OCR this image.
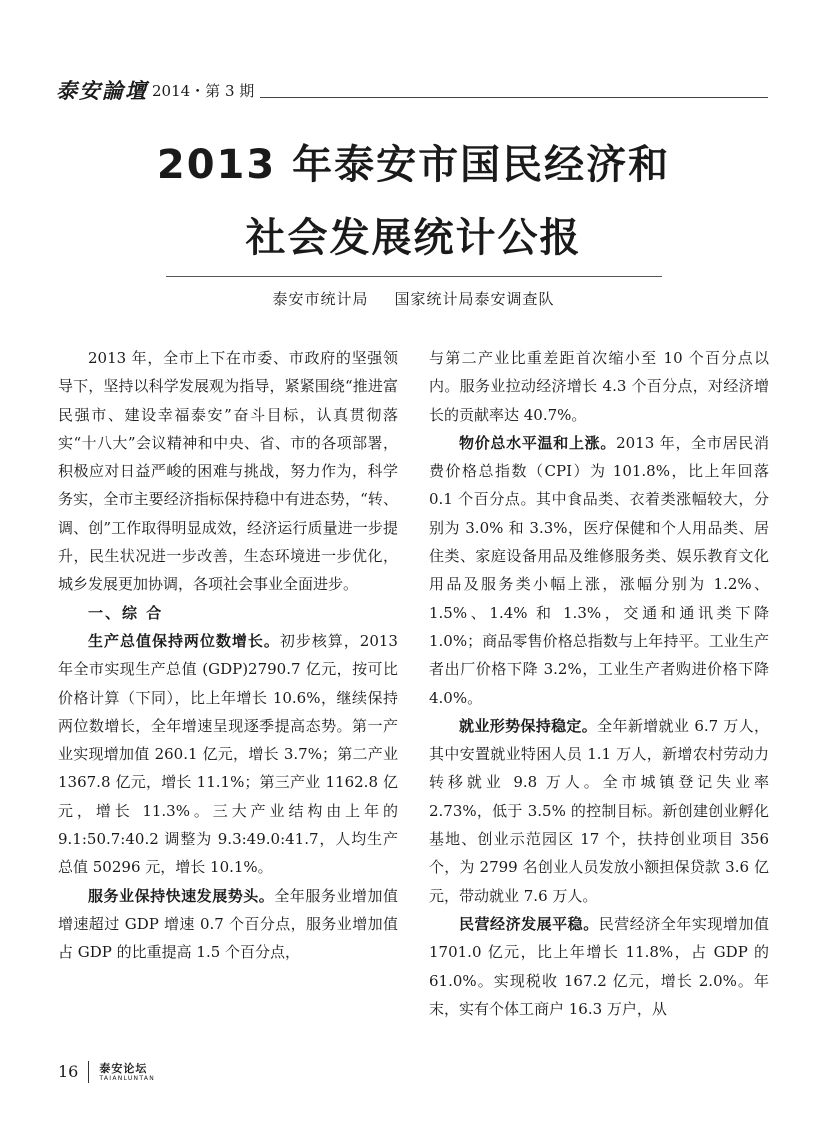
泰安論壇 2014・第 3 期
2013 年泰安市国民经济和
社会发展统计公报
泰安市统计局 国家统计局泰安调查队

2013 年，全市上下在市委、市政府的坚强领导下，坚持以科学发展观为指导，紧紧围绕“推进富民强市、建设幸福泰安”奋斗目标，认真贯彻落实“十八大”会议精神和中央、省、市的各项部署，积极应对日益严峻的困难与挑战，努力作为，科学务实，全市主要经济指标保持稳中有进态势，“转、调、创”工作取得明显成效，经济运行质量进一步提升，民生状况进一步改善，生态环境进一步优化，城乡发展更加协调，各项社会事业全面进步。

一、综 合

生产总值保持两位数增长。初步核算，2013 年全市实现生产总值 (GDP)2790.7 亿元，按可比价格计算（下同），比上年增长 10.6%，继续保持两位数增长，全年增速呈现逐季提高态势。第一产业实现增加值 260.1 亿元，增长 3.7%；第二产业 1367.8 亿元，增长 11.1%；第三产业 1162.8 亿元，增长 11.3%。三大产业结构由上年的 9.1:50.7:40.2 调整为 9.3:49.0:41.7，人均生产总值 50296 元，增长 10.1%。

服务业保持快速发展势头。全年服务业增加值增速超过 GDP 增速 0.7 个百分点，服务业增加值占 GDP 的比重提高 1.5 个百分点，

与第二产业比重差距首次缩小至 10 个百分点以内。服务业拉动经济增长 4.3 个百分点，对经济增长的贡献率达 40.7%。

物价总水平温和上涨。2013 年，全市居民消费价格总指数（CPI）为 101.8%，比上年回落 0.1 个百分点。其中食品类、衣着类涨幅较大，分别为 3.0% 和 3.3%，医疗保健和个人用品类、居住类、家庭设备用品及维修服务类、娱乐教育文化用品及服务类小幅上涨，涨幅分别为 1.2%、1.5%、1.4% 和 1.3%，交通和通讯类下降 1.0%；商品零售价格总指数与上年持平。工业生产者出厂价格下降 3.2%，工业生产者购进价格下降 4.0%。

就业形势保持稳定。全年新增就业 6.7 万人，其中安置就业特困人员 1.1 万人，新增农村劳动力转移就业 9.8 万人。全市城镇登记失业率 2.73%，低于 3.5% 的控制目标。新创建创业孵化基地、创业示范园区 17 个，扶持创业项目 356 个，为 2799 名创业人员发放小额担保贷款 3.6 亿元，带动就业 7.6 万人。

民营经济发展平稳。民营经济全年实现增加值 1701.0 亿元，比上年增长 11.8%，占 GDP 的 61.0%。实现税收 167.2 亿元，增长 2.0%。年末，实有个体工商户 16.3 万户，从

16 泰安论坛
TAIANLUNTAN
